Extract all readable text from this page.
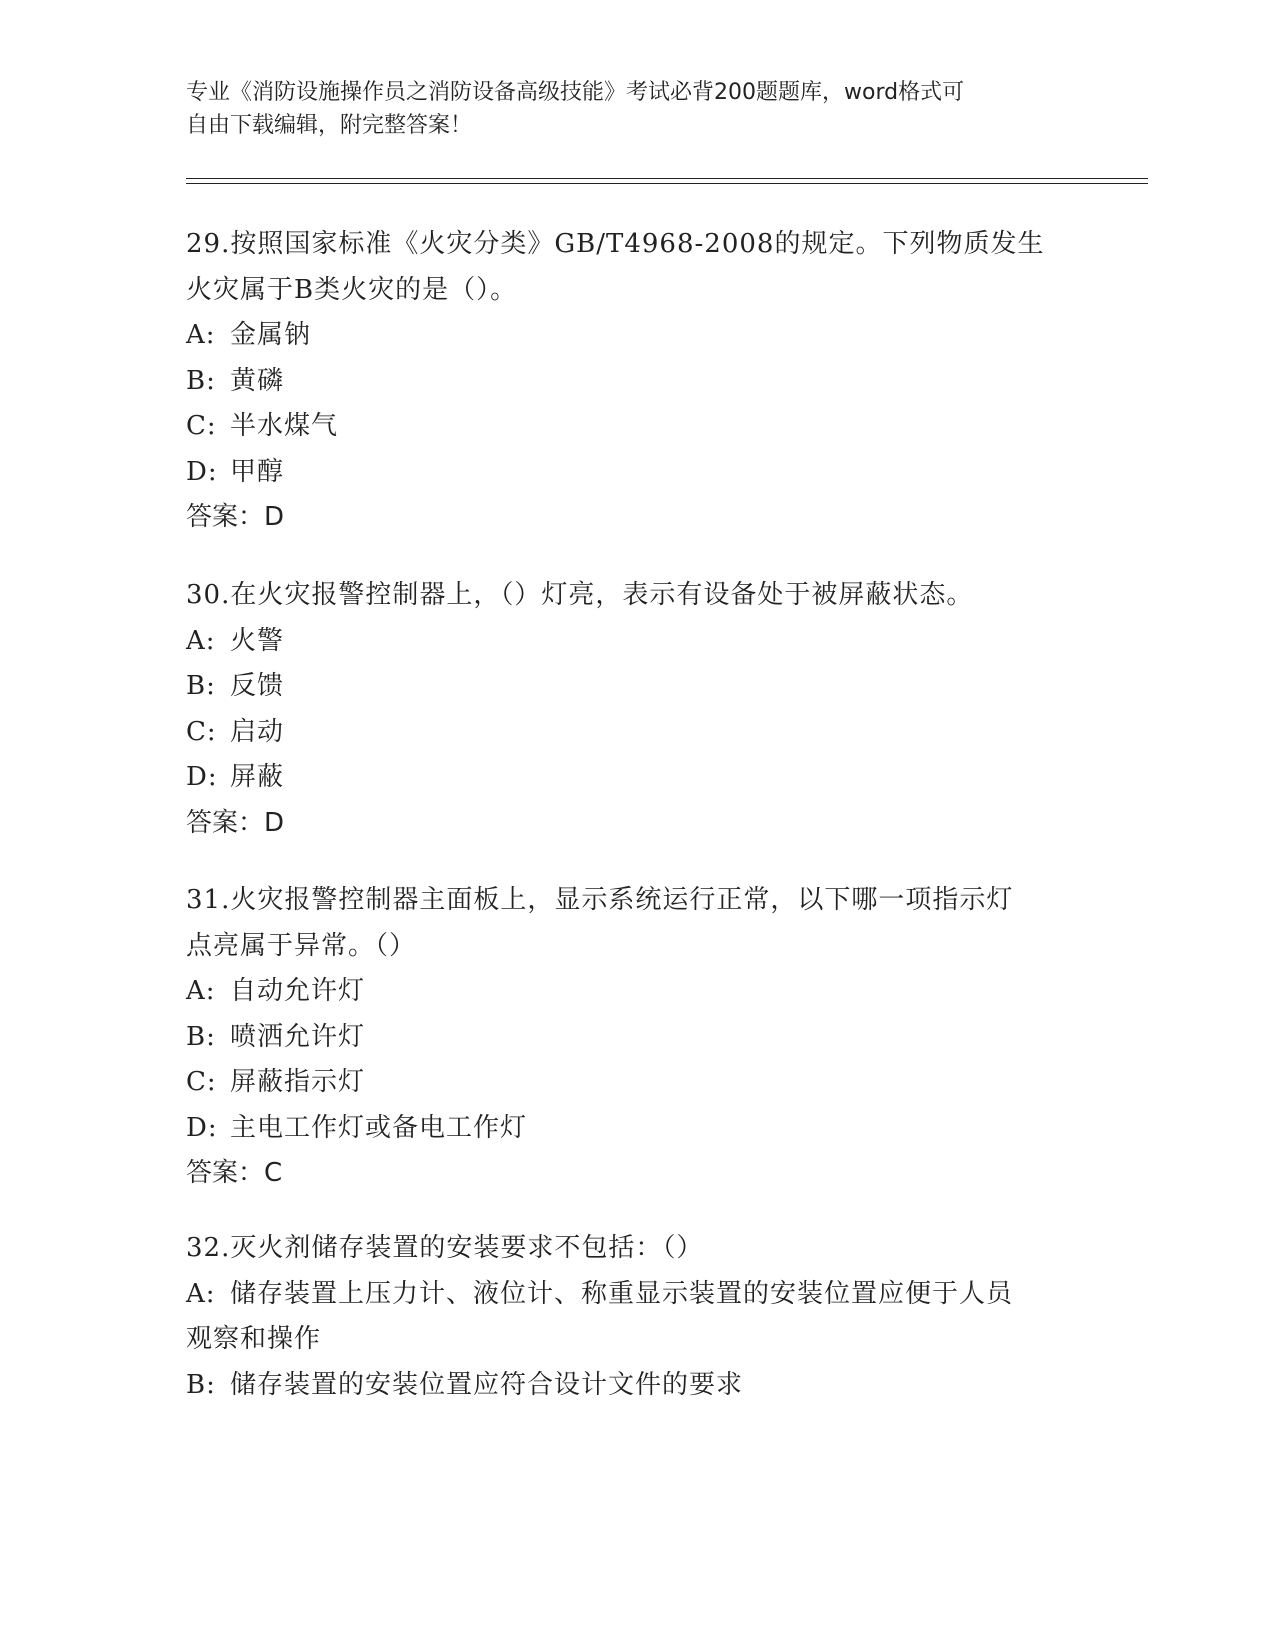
专业《消防设施操作员之消防设备高级技能》考试必背200题题库，word格式可
自由下载编辑，附完整答案！
29.按照国家标准《火灾分类》GB/T4968-2008的规定。下列物质发生
火灾属于B类火灾的是（）。
A: 金属钠
B: 黄磷
C: 半水煤气
D: 甲醇
答案：D
30.在火灾报警控制器上，（）灯亮，表示有设备处于被屏蔽状态。
A: 火警
B: 反馈
C: 启动
D: 屏蔽
答案：D
31.火灾报警控制器主面板上，显示系统运行正常，以下哪一项指示灯
点亮属于异常。（）
A: 自动允许灯
B: 喷洒允许灯
C: 屏蔽指示灯
D: 主电工作灯或备电工作灯
答案：C
32.灭火剂储存装置的安装要求不包括：（）
A: 储存装置上压力计、液位计、称重显示装置的安装位置应便于人员
观察和操作
B: 储存装置的安装位置应符合设计文件的要求
